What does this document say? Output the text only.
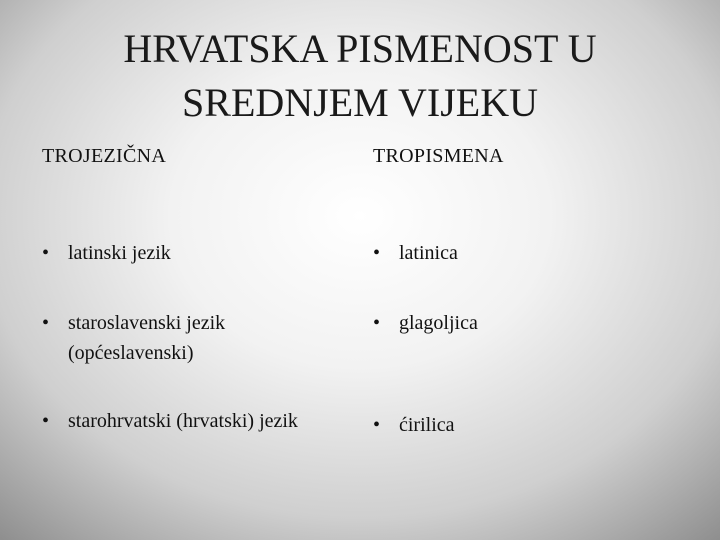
HRVATSKA PISMENOST U
SREDNJEM VIJEKU
TROJEZIČNA
• latinski jezik
• staroslavenski jezik
(općeslavenski)
• starohrvatski (hrvatski) jezik
TROPISMENA
• latinica
• glagoljica
• ćirilica
